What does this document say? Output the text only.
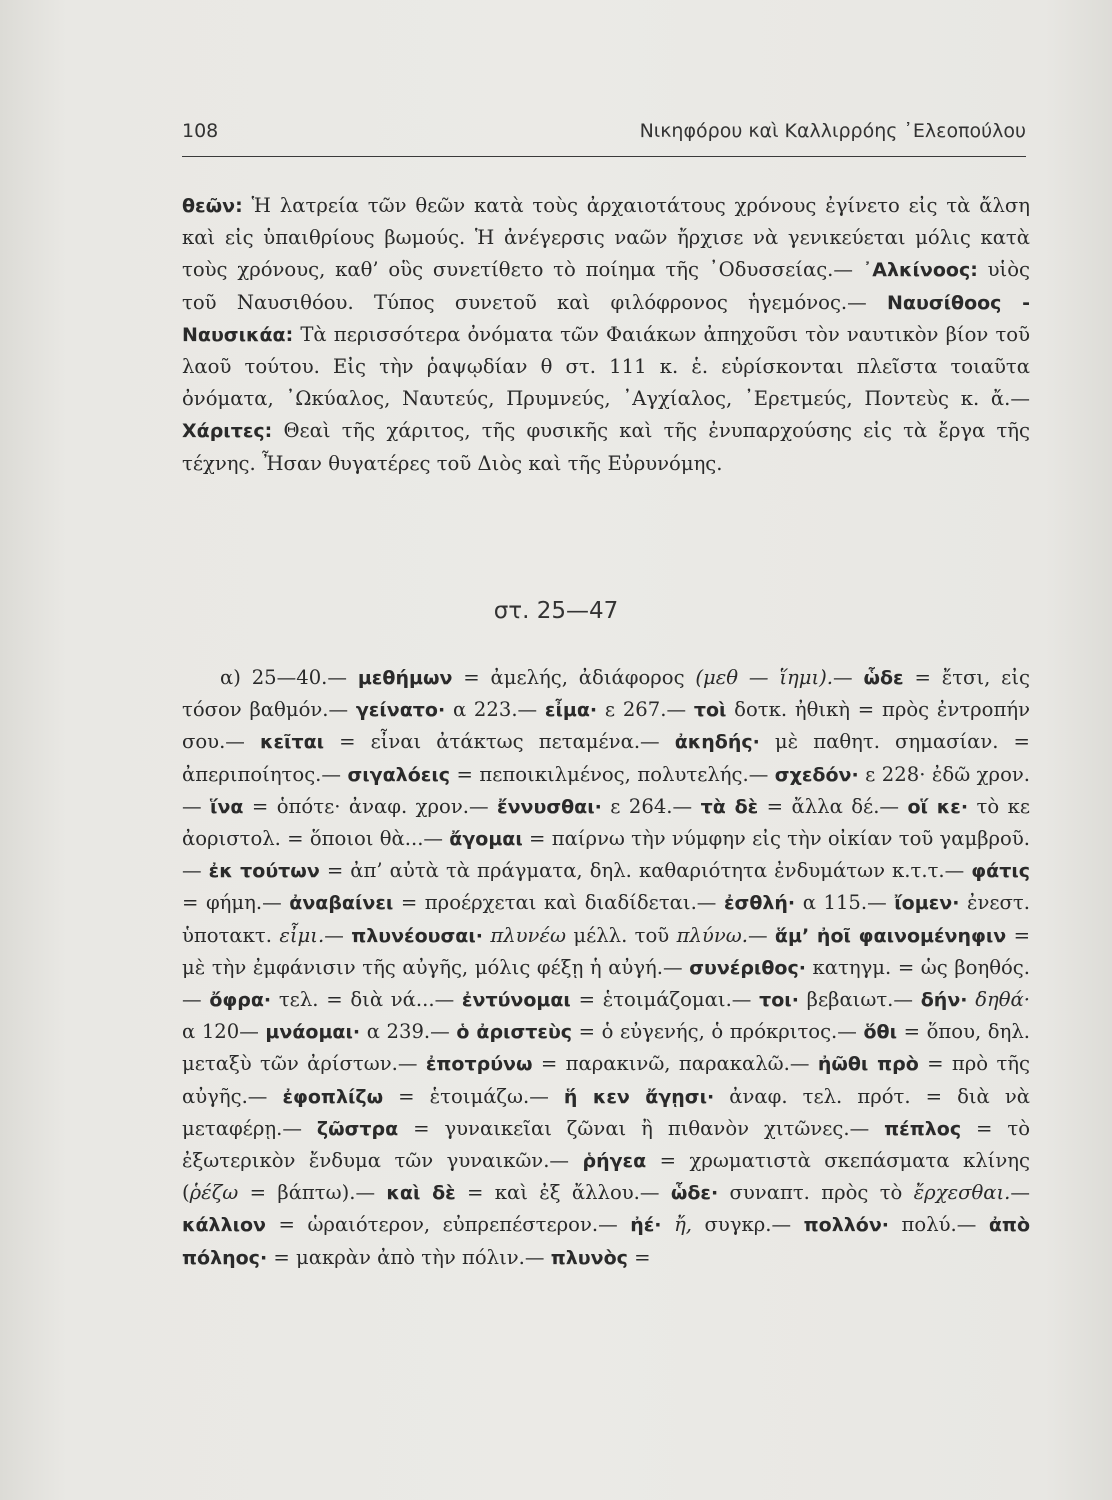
108	Νικηφόρου καὶ Καλλιρρόης ᾿Ελεοπούλου
θεῶν: Ἡ λατρεία τῶν θεῶν κατὰ τοὺς ἀρχαιοτάτους χρόνους ἐγίνετο εἰς τὰ ἄλση καὶ εἰς ὑπαιθρίους βωμούς. Ἡ ἀνέγερσις ναῶν ἤρχισε νὰ γενικεύεται μόλις κατὰ τοὺς χρόνους, καθ’ οὓς συνετίθετο τὸ ποίημα τῆς ᾿Οδυσσείας.— ᾿Αλκίνοος: υἱὸς τοῦ Ναυσιθόου. Τύπος συνετοῦ καὶ φιλόφρονος ἡγεμόνος.— Ναυσίθοος - Ναυσικάα: Τὰ περισσότερα ὀνόματα τῶν Φαιάκων ἀπηχοῦσι τὸν ναυτικὸν βίον τοῦ λαοῦ τούτου. Εἰς τὴν ῥαψῳδίαν θ στ. 111 κ. ἑ. εὑρίσκονται πλεῖστα τοιαῦτα ὀνόματα, ᾿Ωκύαλος, Ναυτεύς, Πρυμνεύς, ᾿Αγχίαλος, ᾿Ερετμεύς, Ποντεὺς κ. ἄ.— Χάριτες: Θεαὶ τῆς χάριτος, τῆς φυσικῆς καὶ τῆς ἐνυπαρχούσης εἰς τὰ ἔργα τῆς τέχνης. Ἦσαν θυγατέρες τοῦ Διὸς καὶ τῆς Εὐρυνόμης.
στ. 25—47
α) 25—40.— μεθήμων = ἀμελής, ἀδιάφορος (μεθ — ἵημι).— ὧδε = ἔτσι, εἰς τόσον βαθμόν.— γείνατο· α 223.— εἶμα· ε 267.— τοὶ δοτκ. ἠθικὴ = πρὸς ἐντροπήν σου.— κεῖται = εἶναι ἀτάκτως πεταμένα.— ἀκηδής· μὲ παθητ. σημασίαν. = ἀπεριποίητος.— σιγαλόεις = πεποικιλμένος, πολυτελής.— σχεδόν· ε 228· ἐδῶ χρον.— ἵνα = ὁπότε· ἀναφ. χρον.— ἔννυσθαι· ε 264.— τὰ δὲ = ἄλλα δέ.— οἵ κε· τὸ κε ἀοριστολ. = ὅποιοι θὰ...— ἄγομαι = παίρνω τὴν νύμφην εἰς τὴν οἰκίαν τοῦ γαμβροῦ.— ἐκ τούτων = ἀπ’ αὐτὰ τὰ πράγματα, δηλ. καθαριότητα ἐνδυμάτων κ.τ.τ.— φάτις = φήμη.— ἀναβαίνει = προέρχεται καὶ διαδίδεται.— ἐσθλή· α 115.— ἴομεν· ἐνεστ. ὑποτακτ. εἶμι.— πλυνέουσαι· πλυνέω μέλλ. τοῦ πλύνω.— ἅμ’ ἠοῖ φαινομένηφιν = μὲ τὴν ἐμφάνισιν τῆς αὐγῆς, μόλις φέξῃ ἡ αὐγή.— συνέριθος· κατηγμ. = ὡς βοηθός.— ὄφρα· τελ. = διὰ νά...— ἐντύνομαι = ἑτοιμάζομαι.— τοι· βεβαιωτ.— δήν· δηθά· α 120— μνάομαι· α 239.— ὁ ἀριστεὺς = ὁ εὐγενής, ὁ πρόκριτος.— ὅθι = ὅπου, δηλ. μεταξὺ τῶν ἀρίστων.— ἐποτρύνω = παρακινῶ, παρακαλῶ.— ἠῶθι πρὸ = πρὸ τῆς αὐγῆς.— ἐφοπλίζω = ἑτοιμάζω.— ἥ κεν ἄγῃσι· ἀναφ. τελ. πρότ. = διὰ νὰ μεταφέρῃ.— ζῶστρα = γυναικεῖαι ζῶναι ἢ πιθανὸν χιτῶνες.— πέπλος = τὸ ἐξωτερικὸν ἔνδυμα τῶν γυναικῶν.— ῥήγεα = χρωματιστὰ σκεπάσματα κλίνης (ῥέζω = βάπτω).— καὶ δὲ = καὶ ἐξ ἄλλου.— ὧδε· συναπτ. πρὸς τὸ ἔρχεσθαι.— κάλλιον = ὡραιότερον, εὐπρεπέστερον.— ἠέ· ἤ, συγκρ.— πολλόν· πολύ.— ἀπὸ πόληος· = μακρὰν ἀπὸ τὴν πόλιν.— πλυνὸς =
